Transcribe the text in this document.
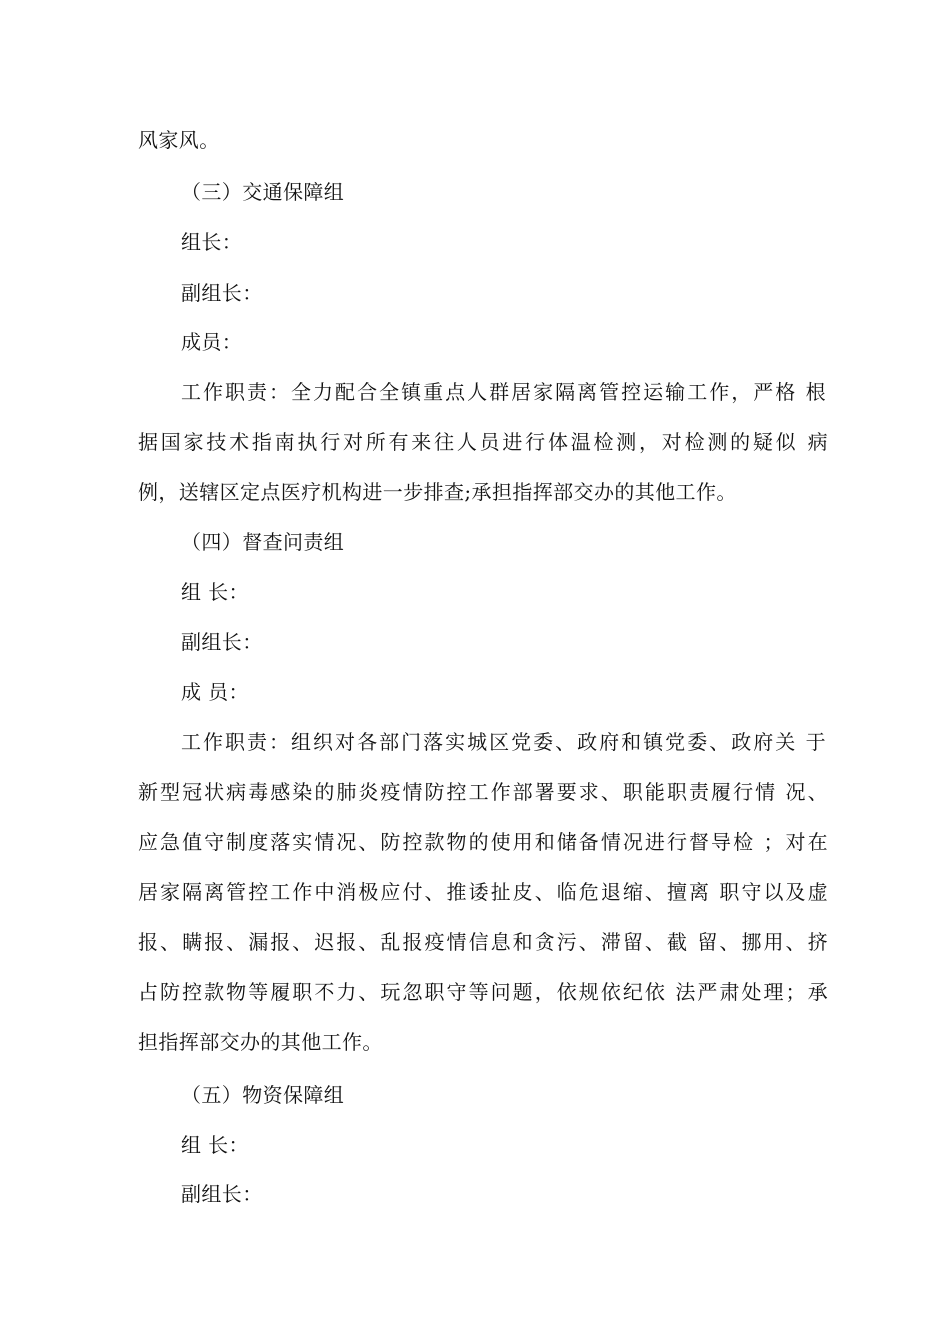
风家风。
（三）交通保障组
组长：
副组长：
成员：
工作职责：全力配合全镇重点人群居家隔离管控运输工作，严格 根
据国家技术指南执行对所有来往人员进行体温检测，对检测的疑似 病
例，送辖区定点医疗机构进一步排查;承担指挥部交办的其他工作。
（四）督查问责组
组 长：
副组长：
成 员：
工作职责：组织对各部门落实城区党委、政府和镇党委、政府关 于
新型冠状病毒感染的肺炎疫情防控工作部署要求、职能职责履行情 况、
应急值守制度落实情况、防控款物的使用和储备情况进行督导检 ；对在
居家隔离管控工作中消极应付、推诿扯皮、临危退缩、擅离 职守以及虚
报、瞒报、漏报、迟报、乱报疫情信息和贪污、滞留、截 留、挪用、挤
占防控款物等履职不力、玩忽职守等问题，依规依纪依 法严肃处理；承
担指挥部交办的其他工作。
（五）物资保障组
组 长：
副组长：
